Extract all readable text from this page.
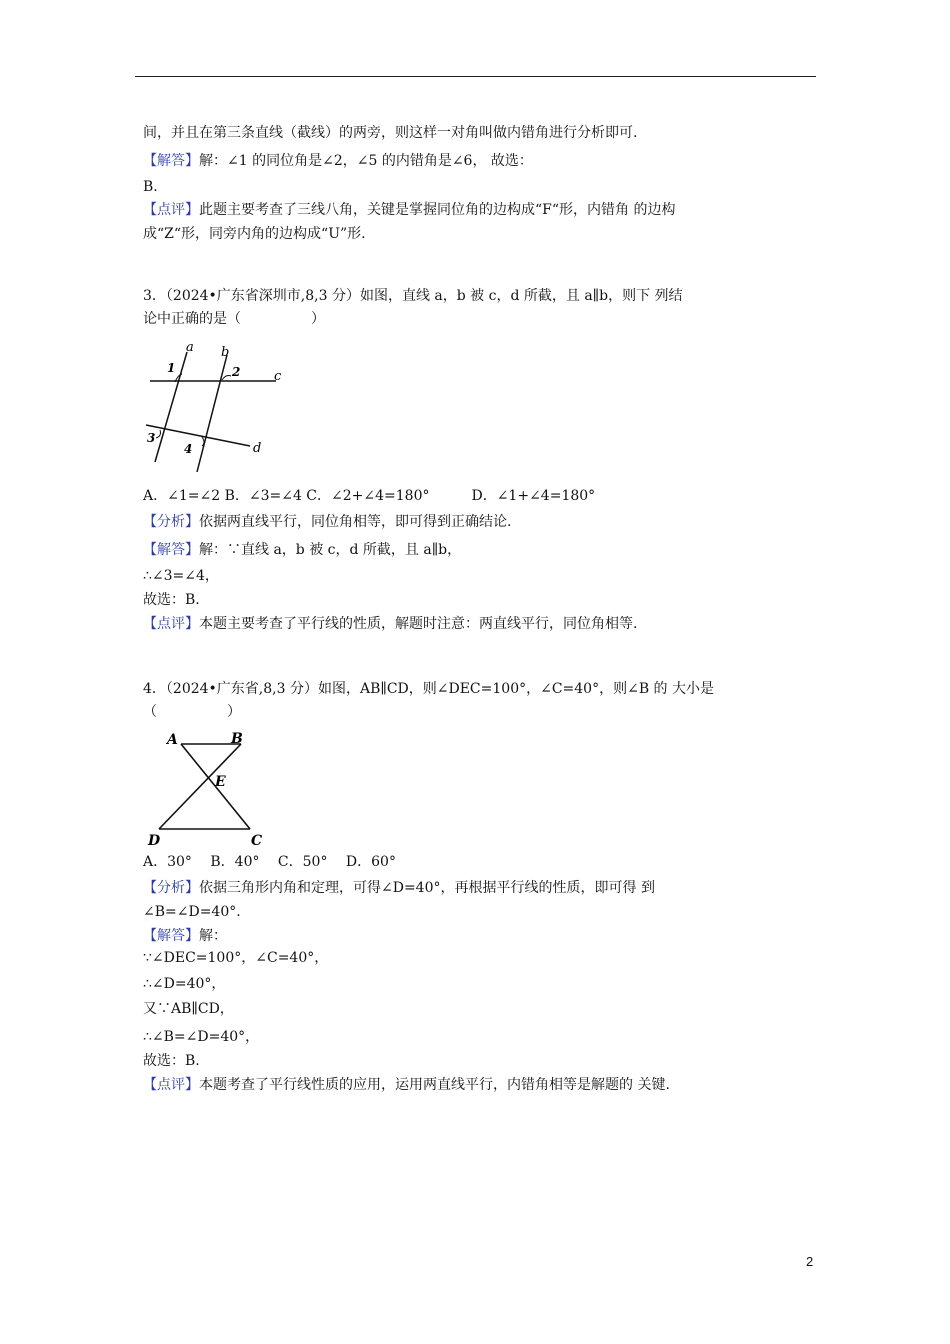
间，并且在第三条直线（截线）的两旁，则这样一对角叫做内错角进行分析即可.
【解答】解：∠1 的同位角是∠2，∠5 的内错角是∠6， 故选：
B.
【点评】此题主要考查了三线八角，关键是掌握同位角的边构成“F“形，内错角 的边构
成“Z“形，同旁内角的边构成“U”形.
3．（2024•广东省深圳市,8,3 分）如图，直线 a，b 被 c，d 所截，且 a∥b，则下 列结
论中正确的是（　　　　　）
a b
c
d
1	2
3
4
A．∠1=∠2 B．∠3=∠4 C．∠2+∠4=180°　　　D．∠1+∠4=180°
【分析】依据两直线平行，同位角相等，即可得到正确结论.
【解答】解：∵直线 a，b 被 c，d 所截，且 a∥b，
∴∠3=∠4，
故选：B.
【点评】本题主要考查了平行线的性质，解题时注意：两直线平行，同位角相等.
4．（2024•广东省,8,3 分）如图，AB∥CD，则∠DEC=100°，∠C=40°，则∠B 的 大小是
（　　　　　）
A	B
E
D	C
A．30°　 B．40°　 C．50°　 D．60°
【分析】依据三角形内角和定理，可得∠D=40°，再根据平行线的性质，即可得 到
∠B=∠D=40°.
【解答】解：
∵∠DEC=100°，∠C=40°，
∴∠D=40°，
又∵AB∥CD，
∴∠B=∠D=40°，
故选：B.
【点评】本题考查了平行线性质的应用，运用两直线平行，内错角相等是解题的 关键.
2
